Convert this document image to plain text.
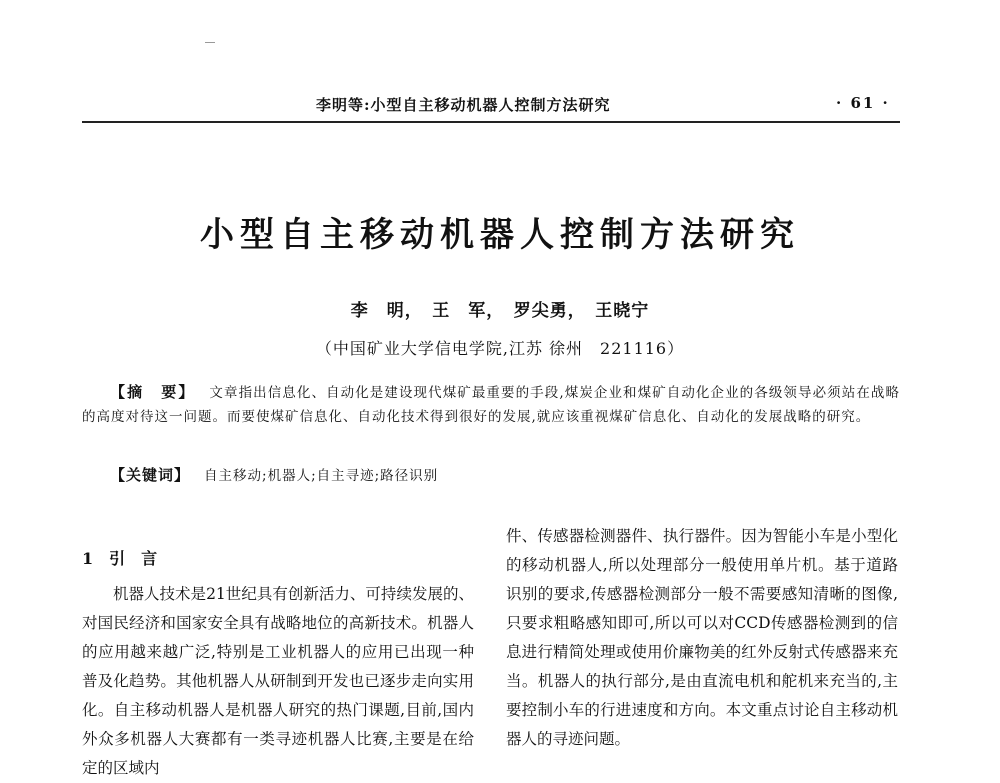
李明等:小型自主移动机器人控制方法研究	· 61 ·
小型自主移动机器人控制方法研究
李　明，　王　军，　罗尖勇，　王晓宁
（中国矿业大学信电学院,江苏 徐州　221116）
【摘　要】 文章指出信息化、自动化是建设现代煤矿最重要的手段,煤炭企业和煤矿自动化企业的各级领导必须站在战略的高度对待这一问题。而要使煤矿信息化、自动化技术得到很好的发展,就应该重视煤矿信息化、自动化的发展战略的研究。
【关键词】 自主移动;机器人;自主寻迹;路径识别
1　引　言
机器人技术是21世纪具有创新活力、可持续发展的、对国民经济和国家安全具有战略地位的高新技术。机器人的应用越来越广泛,特别是工业机器人的应用已出现一种普及化趋势。其他机器人从研制到开发也已逐步走向实用化。自主移动机器人是机器人研究的热门课题,目前,国内外众多机器人大赛都有一类寻迹机器人比赛,主要是在给定的区域内
件、传感器检测器件、执行器件。因为智能小车是小型化的移动机器人,所以处理部分一般使用单片机。基于道路识别的要求,传感器检测部分一般不需要感知清晰的图像,只要求粗略感知即可,所以可以对CCD传感器检测到的信息进行精简处理或使用价廉物美的红外反射式传感器来充当。机器人的执行部分,是由直流电机和舵机来充当的,主要控制小车的行进速度和方向。本文重点讨论自主移动机器人的寻迹问题。
